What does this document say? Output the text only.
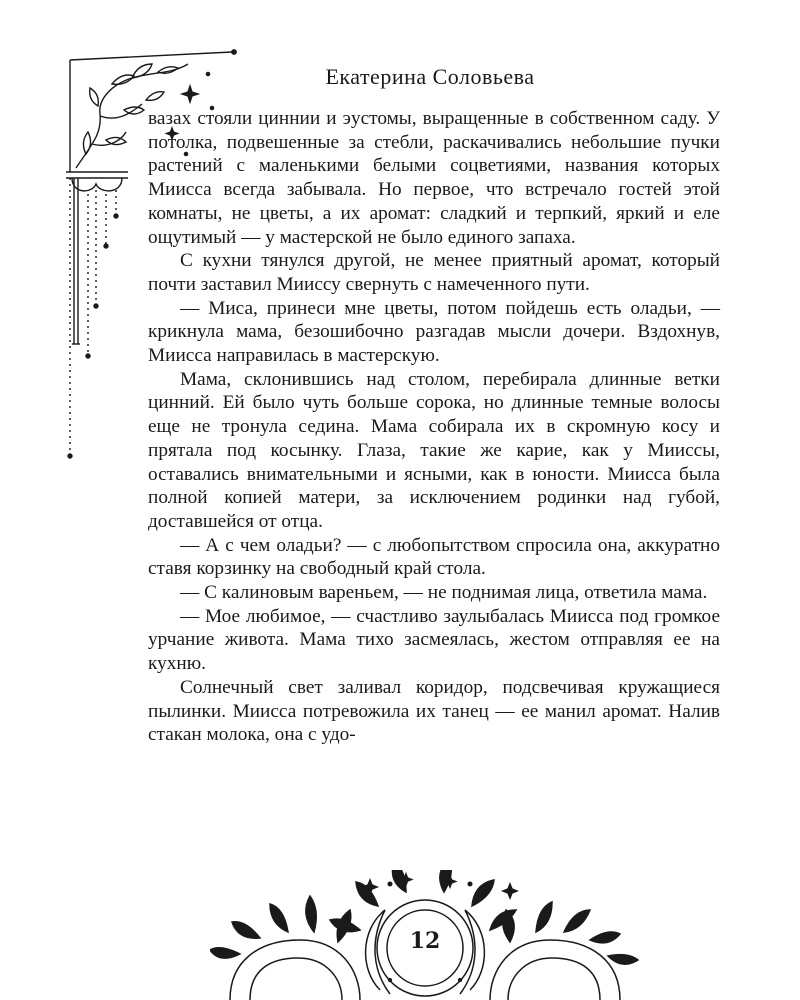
Екатерина Соловьева

вазах стояли циннии и эустомы, выращенные в собственном саду. У потолка, подвешенные за стебли, раскачивались небольшие пучки растений с маленькими белыми соцветиями, названия которых Миисса всегда забывала. Но первое, что встречало гостей этой комнаты, не цветы, а их аромат: сладкий и терпкий, яркий и еле ощутимый — у мастерской не было единого запаха.

С кухни тянулся другой, не менее приятный аромат, который почти заставил Мииссу свернуть с намеченного пути.

— Миса, принеси мне цветы, потом пойдешь есть оладьи, — крикнула мама, безошибочно разгадав мысли дочери. Вздохнув, Миисса направилась в мастерскую.

Мама, склонившись над столом, перебирала длинные ветки цинний. Ей было чуть больше сорока, но длинные темные волосы еще не тронула седина. Мама собирала их в скромную косу и прятала под косынку. Глаза, такие же карие, как у Мииссы, оставались внимательными и ясными, как в юности. Миисса была полной копией матери, за исключением родинки над губой, доставшейся от отца.

— А с чем оладьи? — с любопытством спросила она, аккуратно ставя корзинку на свободный край стола.

— С калиновым вареньем, — не поднимая лица, ответила мама.

— Мое любимое, — счастливо заулыбалась Миисса под громкое урчание живота. Мама тихо засмеялась, жестом отправляя ее на кухню.

Солнечный свет заливал коридор, подсвечивая кружащиеся пылинки. Миисса потревожила их танец — ее манил аромат. Налив стакан молока, она с удо-

12
